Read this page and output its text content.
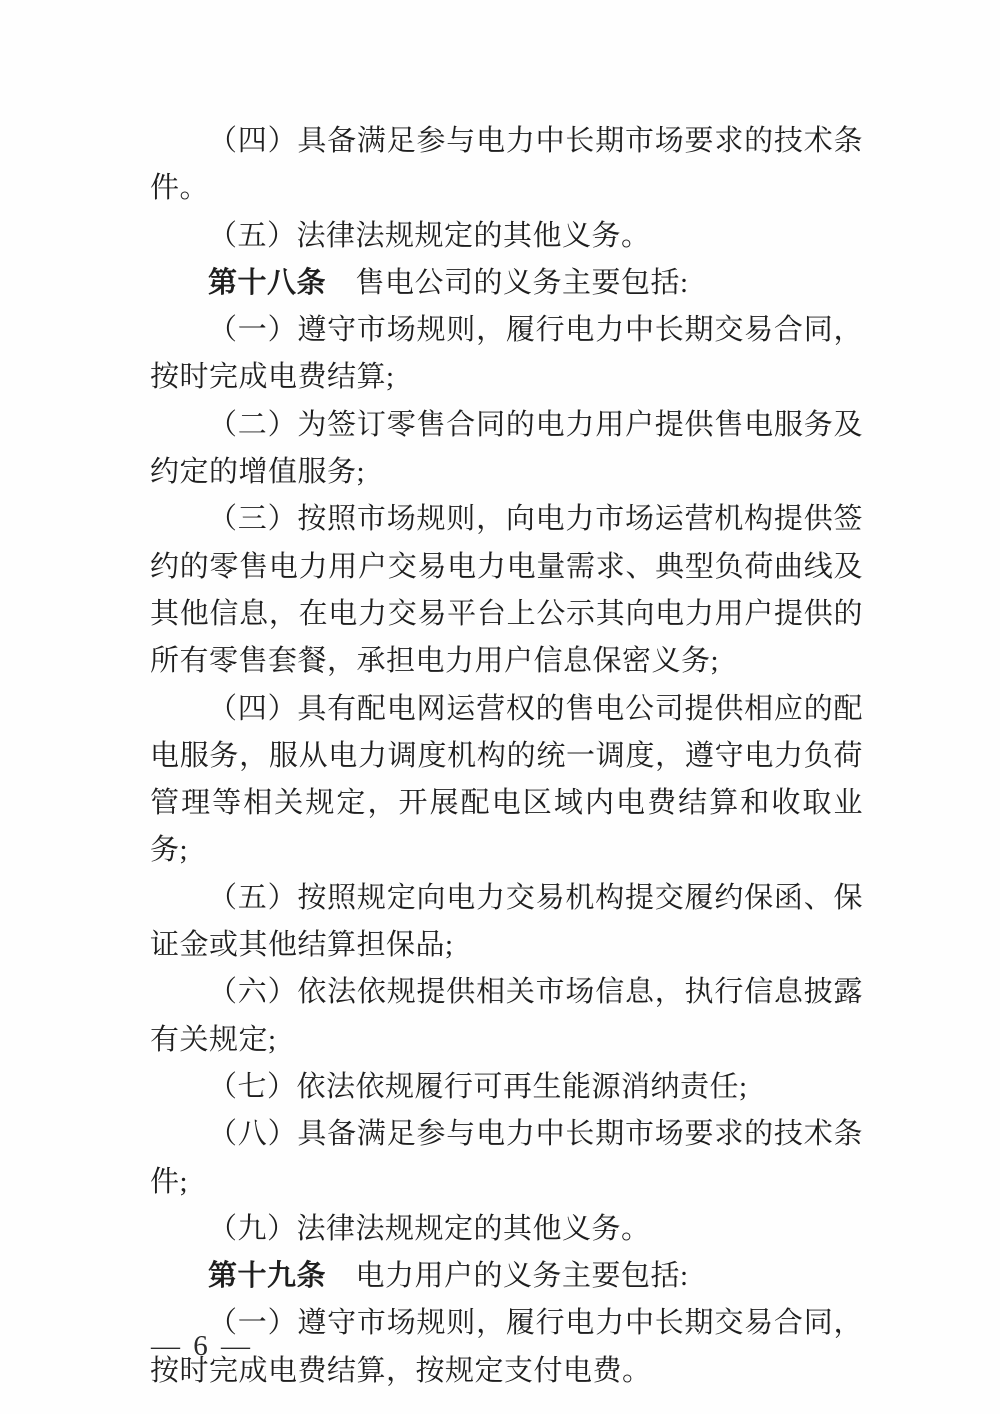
（四）具备满足参与电力中长期市场要求的技术条件。

（五）法律法规规定的其他义务。

第十八条　售电公司的义务主要包括:

（一）遵守市场规则，履行电力中长期交易合同，按时完成电费结算;

（二）为签订零售合同的电力用户提供售电服务及约定的增值服务;

（三）按照市场规则，向电力市场运营机构提供签约的零售电力用户交易电力电量需求、典型负荷曲线及其他信息，在电力交易平台上公示其向电力用户提供的所有零售套餐，承担电力用户信息保密义务;

（四）具有配电网运营权的售电公司提供相应的配电服务，服从电力调度机构的统一调度，遵守电力负荷管理等相关规定，开展配电区域内电费结算和收取业务;

（五）按照规定向电力交易机构提交履约保函、保证金或其他结算担保品;

（六）依法依规提供相关市场信息，执行信息披露有关规定;

（七）依法依规履行可再生能源消纳责任;

（八）具备满足参与电力中长期市场要求的技术条件;

（九）法律法规规定的其他义务。

第十九条　电力用户的义务主要包括:

（一）遵守市场规则，履行电力中长期交易合同，按时完成电费结算，按规定支付电费。

— 6 —
